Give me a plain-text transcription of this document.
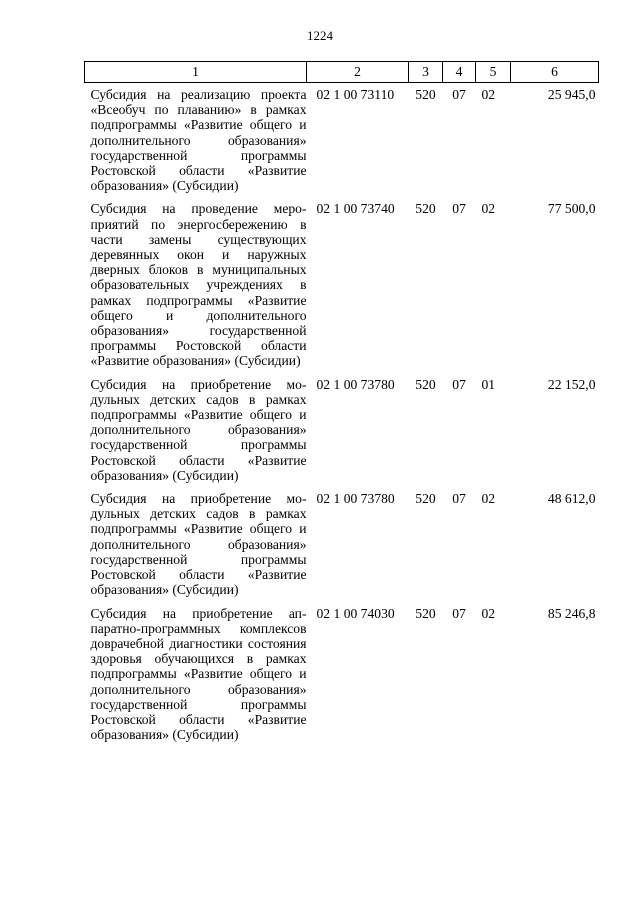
1224
1	2	3	4	5	6
Субсидия на реализацию проекта «Всеобуч по плаванию» в рамках подпрограммы «Развитие общего и дополнительного образования» государственной программы Ростовской области «Развитие образования» (Субсидии)	02 1 00 73110	520	07	02	25 945,0
Субсидия на проведение мероприятий по энергосбережению в части замены существующих деревянных окон и наружных дверных блоков в муниципальных образовательных учреждениях в рамках подпрограммы «Развитие общего и дополнительного образования» государственной программы Ростовской области «Развитие образования» (Субсидии)	02 1 00 73740	520	07	02	77 500,0
Субсидия на приобретение модульных детских садов в рамках подпрограммы «Развитие общего и дополнительного образования» государственной программы Ростовской области «Развитие образования» (Субсидии)	02 1 00 73780	520	07	01	22 152,0
Субсидия на приобретение модульных детских садов в рамках подпрограммы «Развитие общего и дополнительного образования» государственной программы Ростовской области «Развитие образования» (Субсидии)	02 1 00 73780	520	07	02	48 612,0
Субсидия на приобретение аппаратно-программных комплексов доврачебной диагностики состояния здоровья обучающихся в рамках подпрограммы «Развитие общего и дополнительного образования» государственной программы Ростовской области «Развитие образования» (Субсидии)	02 1 00 74030	520	07	02	85 246,8
